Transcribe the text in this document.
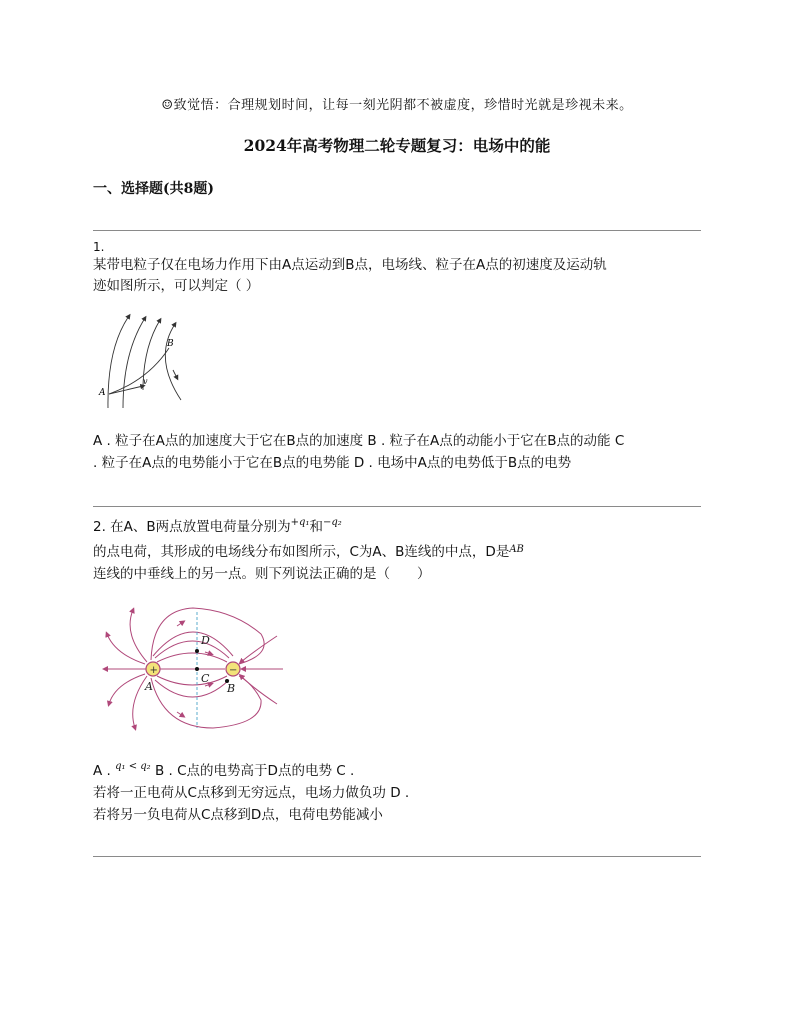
☺致觉悟：合理规划时间，让每一刻光阴都不被虚度，珍惜时光就是珍视未来。
2024年高考物理二轮专题复习：电场中的能
一、选择题(共8题)
1.
某带电粒子仅在电场力作用下由A点运动到B点，电场线、粒子在A点的初速度及运动轨
迹如图所示，可以判定（ ）
A
B
v
A . 粒子在A点的加速度大于它在B点的加速度 B . 粒子在A点的动能小于它在B点的动能 C
. 粒子在A点的电势能小于它在B点的电势能 D . 电场中A点的电势低于B点的电势
2. 在A、B两点放置电荷量分别为$^{+q_1}$和$^{-q_2}$
的点电荷，其形成的电场线分布如图所示，C为A、B连线的中点，D是$^{AB}$
连线的中垂线上的另一点。则下列说法正确的是（　　）
+	−
A	B
C
D
A . $^{q_1 < q_2}$ B . C点的电势高于D点的电势 C .
若将一正电荷从C点移到无穷远点，电场力做负功 D .
若将另一负电荷从C点移到D点，电荷电势能减小
